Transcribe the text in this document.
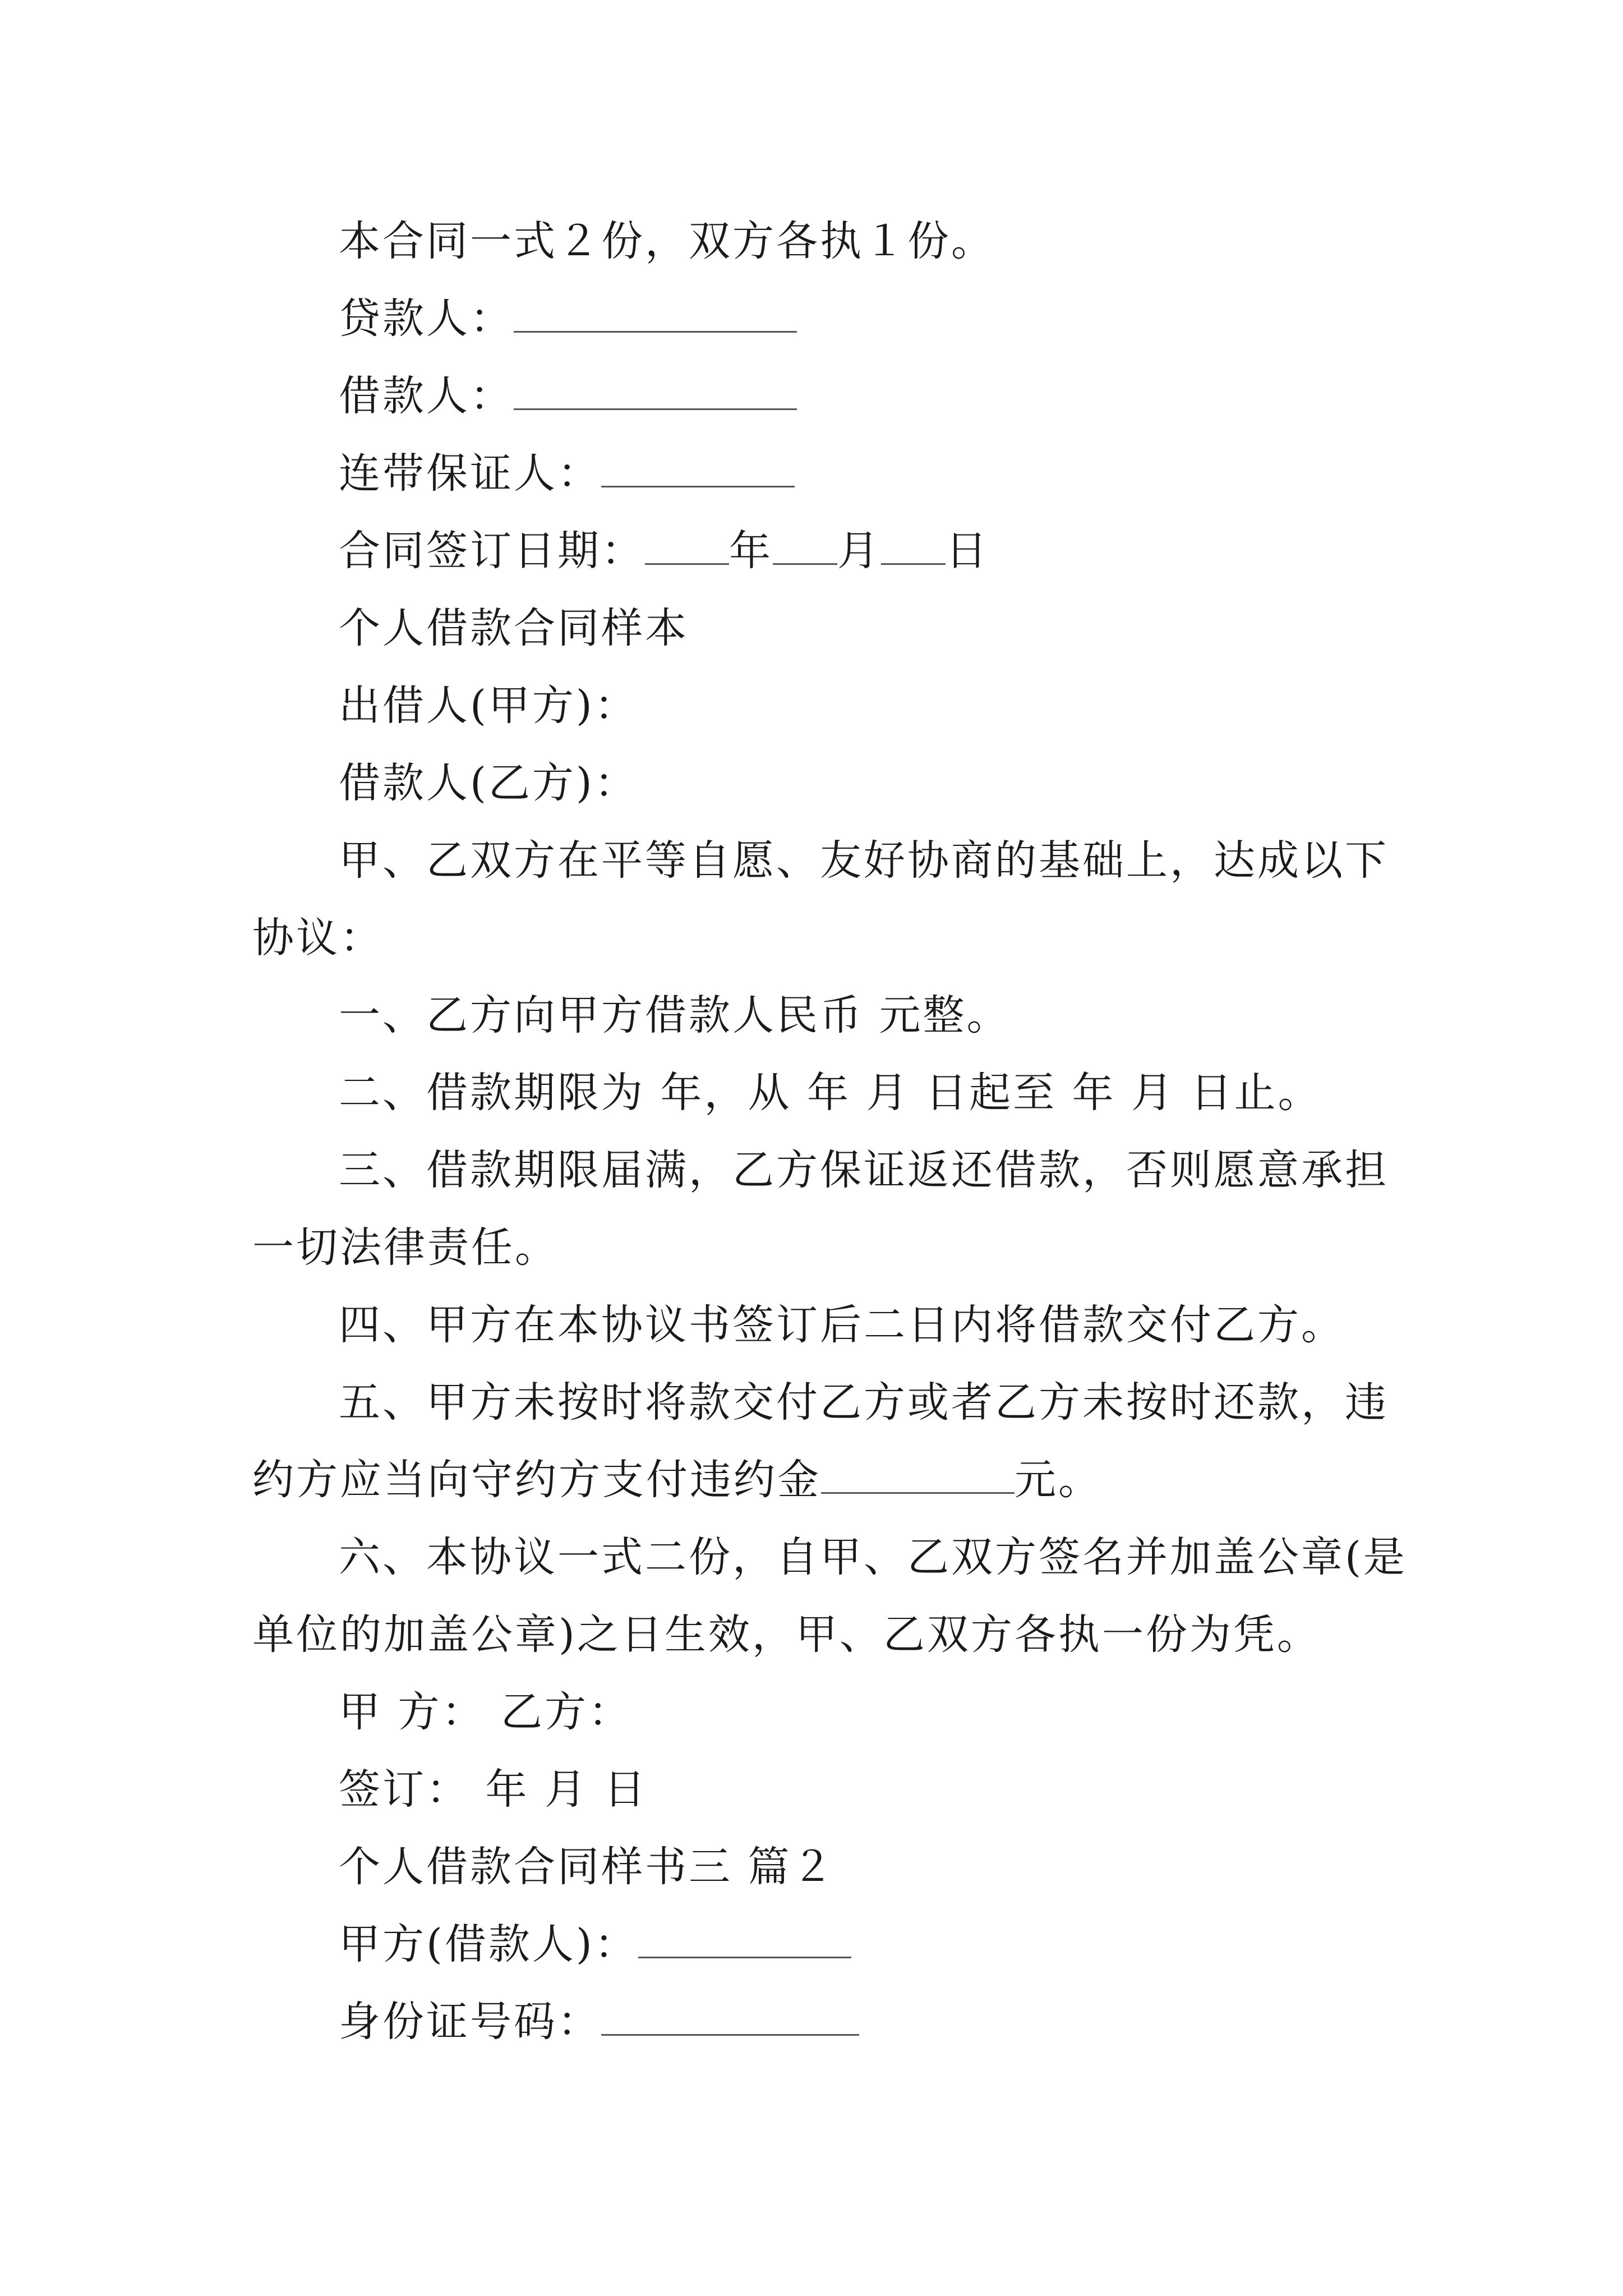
本合同一式２份，双方各执１份。
贷款人：
借款人：
连带保证人：
合同签订日期： 年 月 日
个人借款合同样本
出借人(甲方)：
借款人(乙方)：
甲、乙双方在平等自愿、友好协商的基础上，达成以下
协议：
一、乙方向甲方借款人民币 元整。
二、借款期限为 年，从 年 月 日起至 年 月 日止。
三、借款期限届满，乙方保证返还借款，否则愿意承担
一切法律责任。
四、甲方在本协议书签订后二日内将借款交付乙方。
五、甲方未按时将款交付乙方或者乙方未按时还款，违
约方应当向守约方支付违约金	元。
六、本协议一式二份，自甲、乙双方签名并加盖公章(是
单位的加盖公章)之日生效，甲、乙双方各执一份为凭。
甲 方： 乙方：
签订： 年 月 日
个人借款合同样书三 篇２
甲方(借款人)：
身份证号码：
